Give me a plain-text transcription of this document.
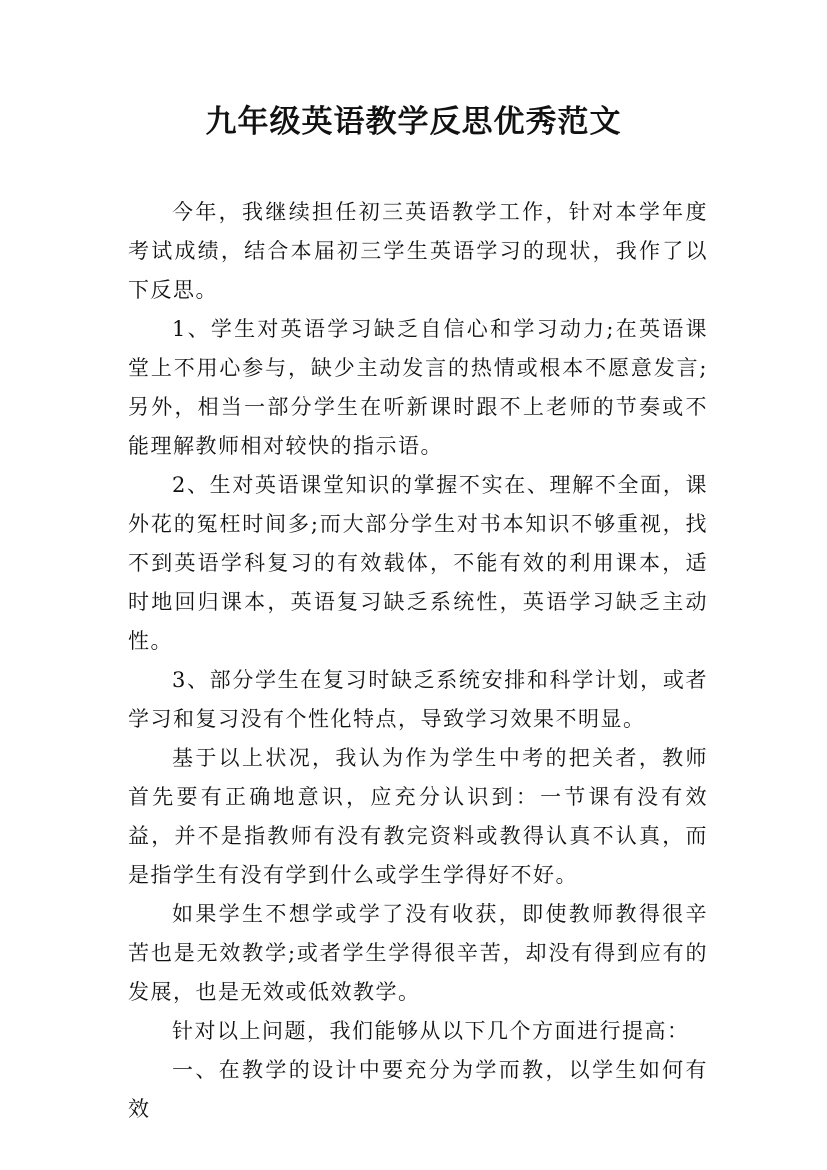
九年级英语教学反思优秀范文

今年，我继续担任初三英语教学工作，针对本学年度考试成绩，结合本届初三学生英语学习的现状，我作了以下反思。

1、学生对英语学习缺乏自信心和学习动力;在英语课堂上不用心参与，缺少主动发言的热情或根本不愿意发言;另外，相当一部分学生在听新课时跟不上老师的节奏或不能理解教师相对较快的指示语。

2、生对英语课堂知识的掌握不实在、理解不全面，课外花的冤枉时间多;而大部分学生对书本知识不够重视，找不到英语学科复习的有效载体，不能有效的利用课本，适时地回归课本，英语复习缺乏系统性，英语学习缺乏主动性。

3、部分学生在复习时缺乏系统安排和科学计划，或者学习和复习没有个性化特点，导致学习效果不明显。

基于以上状况，我认为作为学生中考的把关者，教师首先要有正确地意识，应充分认识到：一节课有没有效益，并不是指教师有没有教完资料或教得认真不认真，而是指学生有没有学到什么或学生学得好不好。

如果学生不想学或学了没有收获，即使教师教得很辛苦也是无效教学;或者学生学得很辛苦，却没有得到应有的发展，也是无效或低效教学。

针对以上问题，我们能够从以下几个方面进行提高：

一、在教学的设计中要充分为学而教，以学生如何有效
